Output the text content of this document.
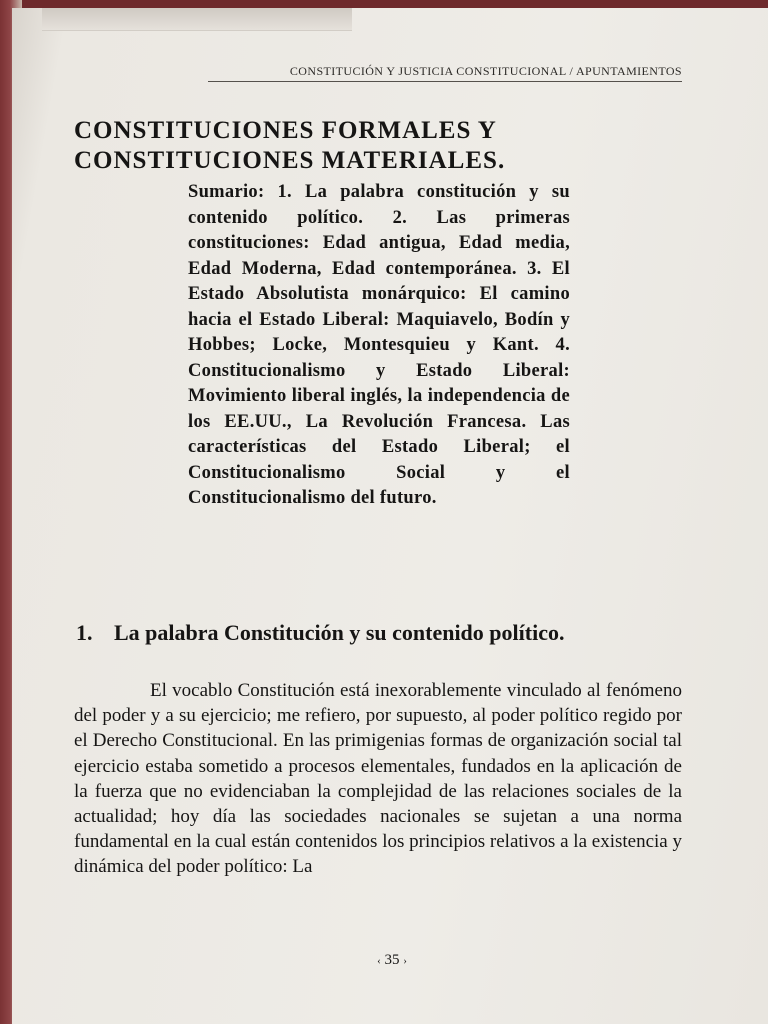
CONSTITUCIÓN Y JUSTICIA CONSTITUCIONAL / APUNTAMIENTOS
CONSTITUCIONES FORMALES Y
CONSTITUCIONES MATERIALES.
Sumario: 1. La palabra constitución y su contenido político. 2. Las primeras constituciones: Edad antigua, Edad media, Edad Moderna, Edad contemporánea. 3. El Estado Absolutista monárquico: El camino hacia el Estado Liberal: Maquiavelo, Bodín y Hobbes; Locke, Montesquieu y Kant. 4. Constitucionalismo y Estado Liberal: Movimiento liberal inglés, la independencia de los EE.UU., La Revolución Francesa. Las características del Estado Liberal; el Constitucionalismo Social y el Constitucionalismo del futuro.
1. La palabra Constitución y su contenido político.

El vocablo Constitución está inexorablemente vinculado al fenómeno del poder y a su ejercicio; me refiero, por supuesto, al poder político regido por el Derecho Constitucional. En las primigenias formas de organización social tal ejercicio estaba sometido a procesos elementales, fundados en la aplicación de la fuerza que no evidenciaban la complejidad de las relaciones sociales de la actualidad; hoy día las sociedades nacionales se sujetan a una norma fundamental en la cual están contenidos los principios relativos a la existencia y dinámica del poder político: La

‹ 35 ›
